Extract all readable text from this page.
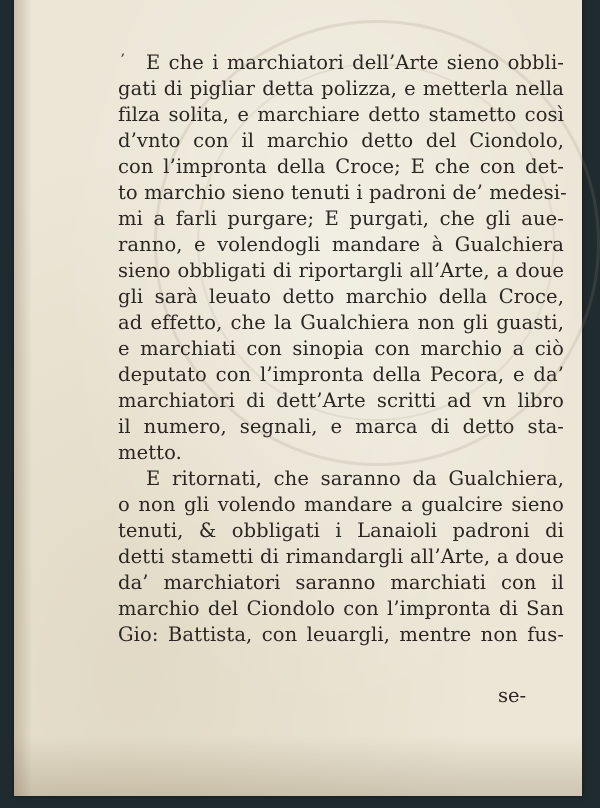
ʼ	E che i marchiatori dell’Arte sieno obbli-
gati di pigliar detta polizza, e metterla nella
filza solita, e marchiare detto stametto così
d’vnto con il marchio detto del Ciondolo,
con l’impronta della Croce; E che con det-
to marchio sieno tenuti i padroni de’ medesi-
mi a farli purgare; E purgati, che gli aue-
ranno, e volendogli mandare à Gualchiera
sieno obbligati di riportargli all’Arte, a doue
gli sarà leuato detto marchio della Croce,
ad effetto, che la Gualchiera non gli guasti,
e marchiati con sinopia con marchio a ciò
deputato con l’impronta della Pecora, e da’
marchiatori di dett’Arte scritti ad vn libro
il numero, segnali, e marca di detto sta-
metto.
E ritornati, che saranno da Gualchiera,
o non gli volendo mandare a gualcire sieno
tenuti, & obbligati i Lanaioli padroni di
detti stametti di rimandargli all’Arte, a doue
da’ marchiatori saranno marchiati con il
marchio del Ciondolo con l’impronta di San
Gio: Battista, con leuargli, mentre non fus-
se-
